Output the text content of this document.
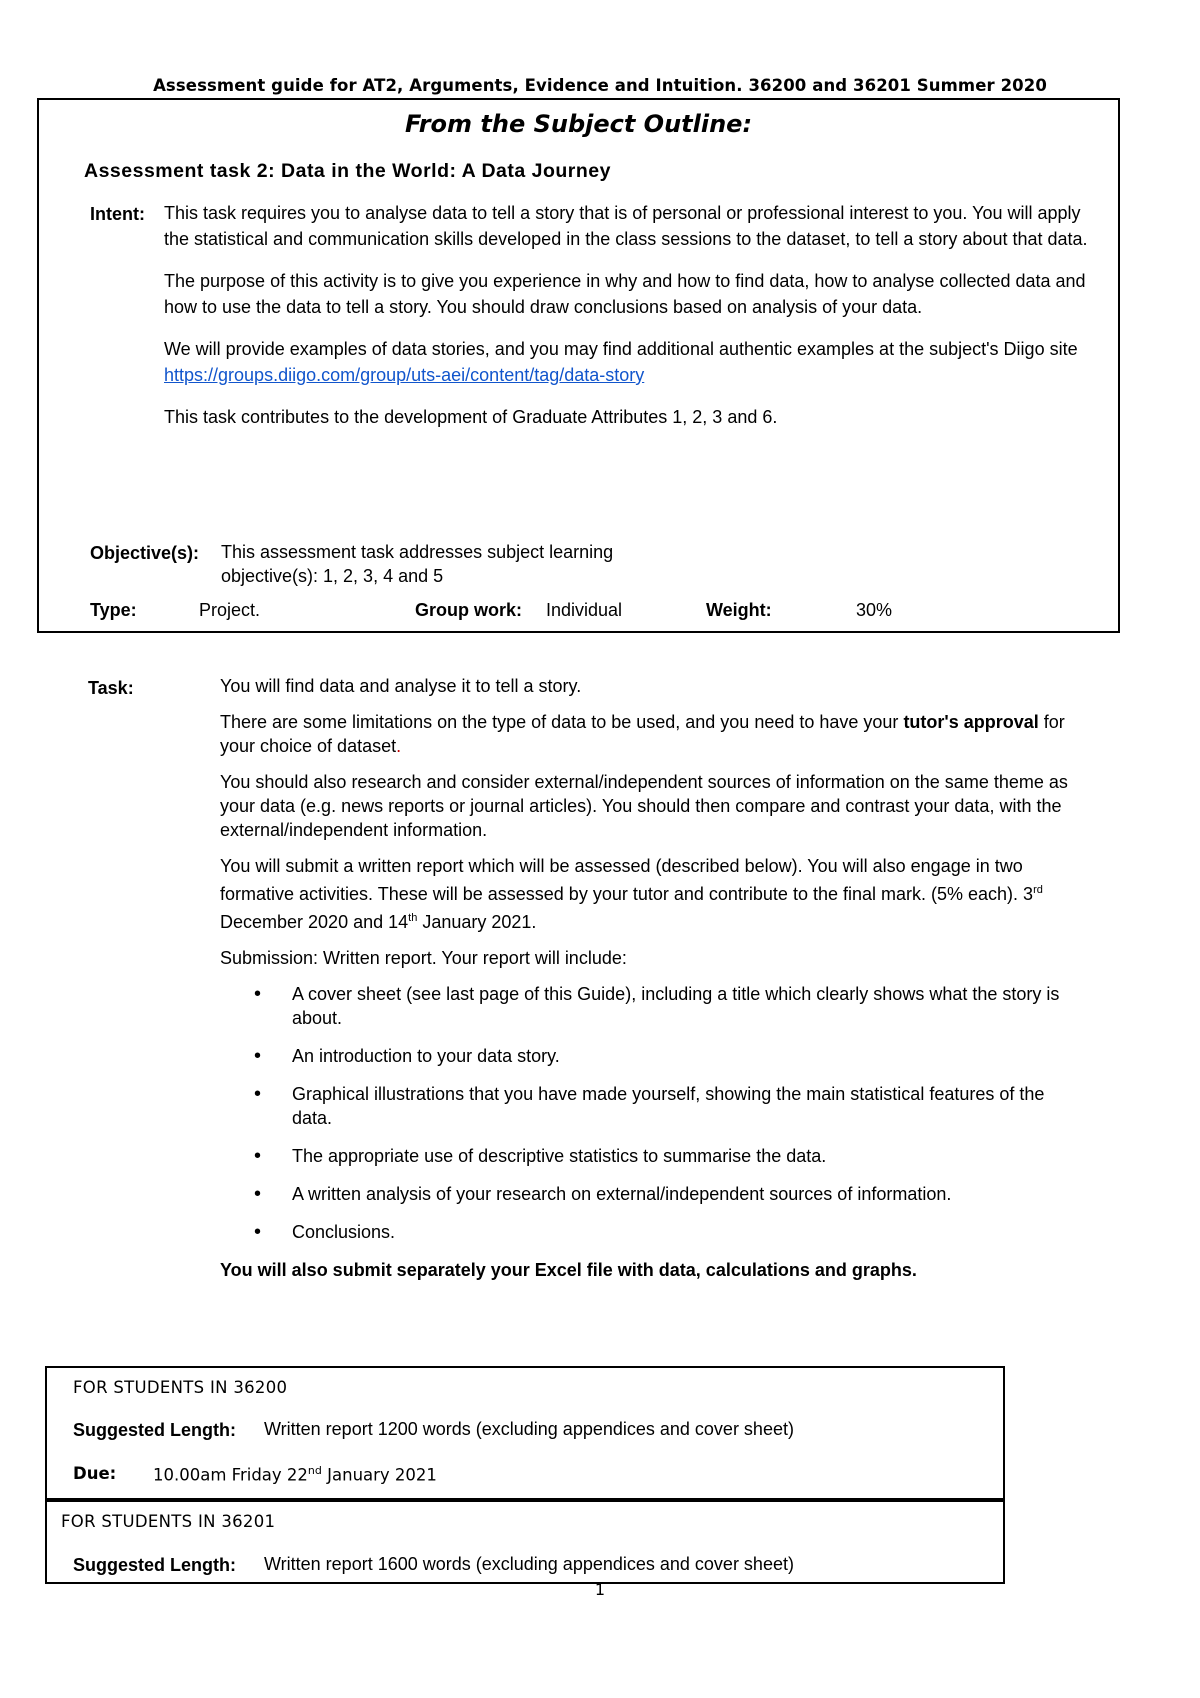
Assessment guide for AT2, Arguments, Evidence and Intuition. 36200 and 36201 Summer 2020
From the Subject Outline:
Assessment task 2: Data in the World: A Data Journey
Intent: This task requires you to analyse data to tell a story that is of personal or professional interest to you. You will apply the statistical and communication skills developed in the class sessions to the dataset, to tell a story about that data.

The purpose of this activity is to give you experience in why and how to find data, how to analyse collected data and how to use the data to tell a story. You should draw conclusions based on analysis of your data.

We will provide examples of data stories, and you may find additional authentic examples at the subject's Diigo site https://groups.diigo.com/group/uts-aei/content/tag/data-story

This task contributes to the development of Graduate Attributes 1, 2, 3 and 6.

Objective(s): This assessment task addresses subject learning
objective(s): 1, 2, 3, 4 and 5
Type:	Project.	Group work: Individual	Weight:	30%
Task:	You will find data and analyse it to tell a story.

There are some limitations on the type of data to be used, and you need to have your tutor's approval for your choice of dataset.

You should also research and consider external/independent sources of information on the same theme as your data (e.g. news reports or journal articles). You should then compare and contrast your data, with the external/independent information.

You will submit a written report which will be assessed (described below). You will also engage in two formative activities. These will be assessed by your tutor and contribute to the final mark. (5% each). 3rd December 2020 and 14th January 2021.

Submission: Written report. Your report will include:

• A cover sheet (see last page of this Guide), including a title which clearly shows what the story is about.
• An introduction to your data story.
• Graphical illustrations that you have made yourself, showing the main statistical features of the data.
• The appropriate use of descriptive statistics to summarise the data.
• A written analysis of your research on external/independent sources of information.
• Conclusions.

You will also submit separately your Excel file with data, calculations and graphs.

FOR STUDENTS IN 36200
Suggested Length: Written report 1200 words (excluding appendices and cover sheet)
Due: 10.00am Friday 22nd January 2021
FOR STUDENTS IN 36201
Suggested Length: Written report 1600 words (excluding appendices and cover sheet)
1
